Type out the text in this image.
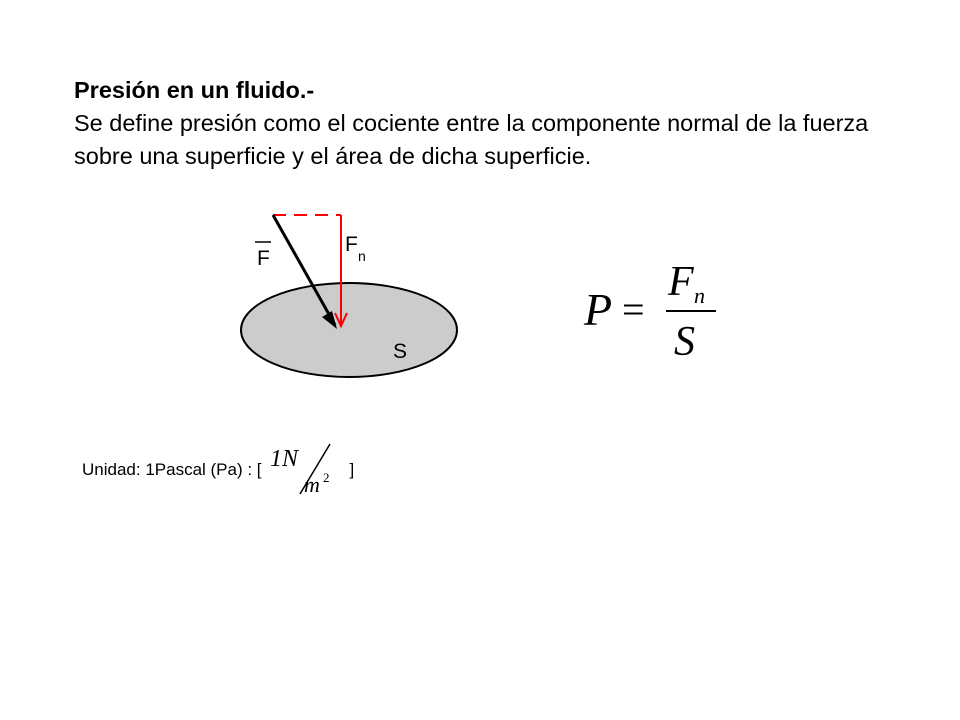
Presión en un fluido.-
Se define presión como el cociente entre la componente normal de la fuerza sobre una superficie y el área de dicha superficie.
F
F n
S
P =
F n
S
Unidad: 1Pascal (Pa) : [ 1N
m 2 ]
